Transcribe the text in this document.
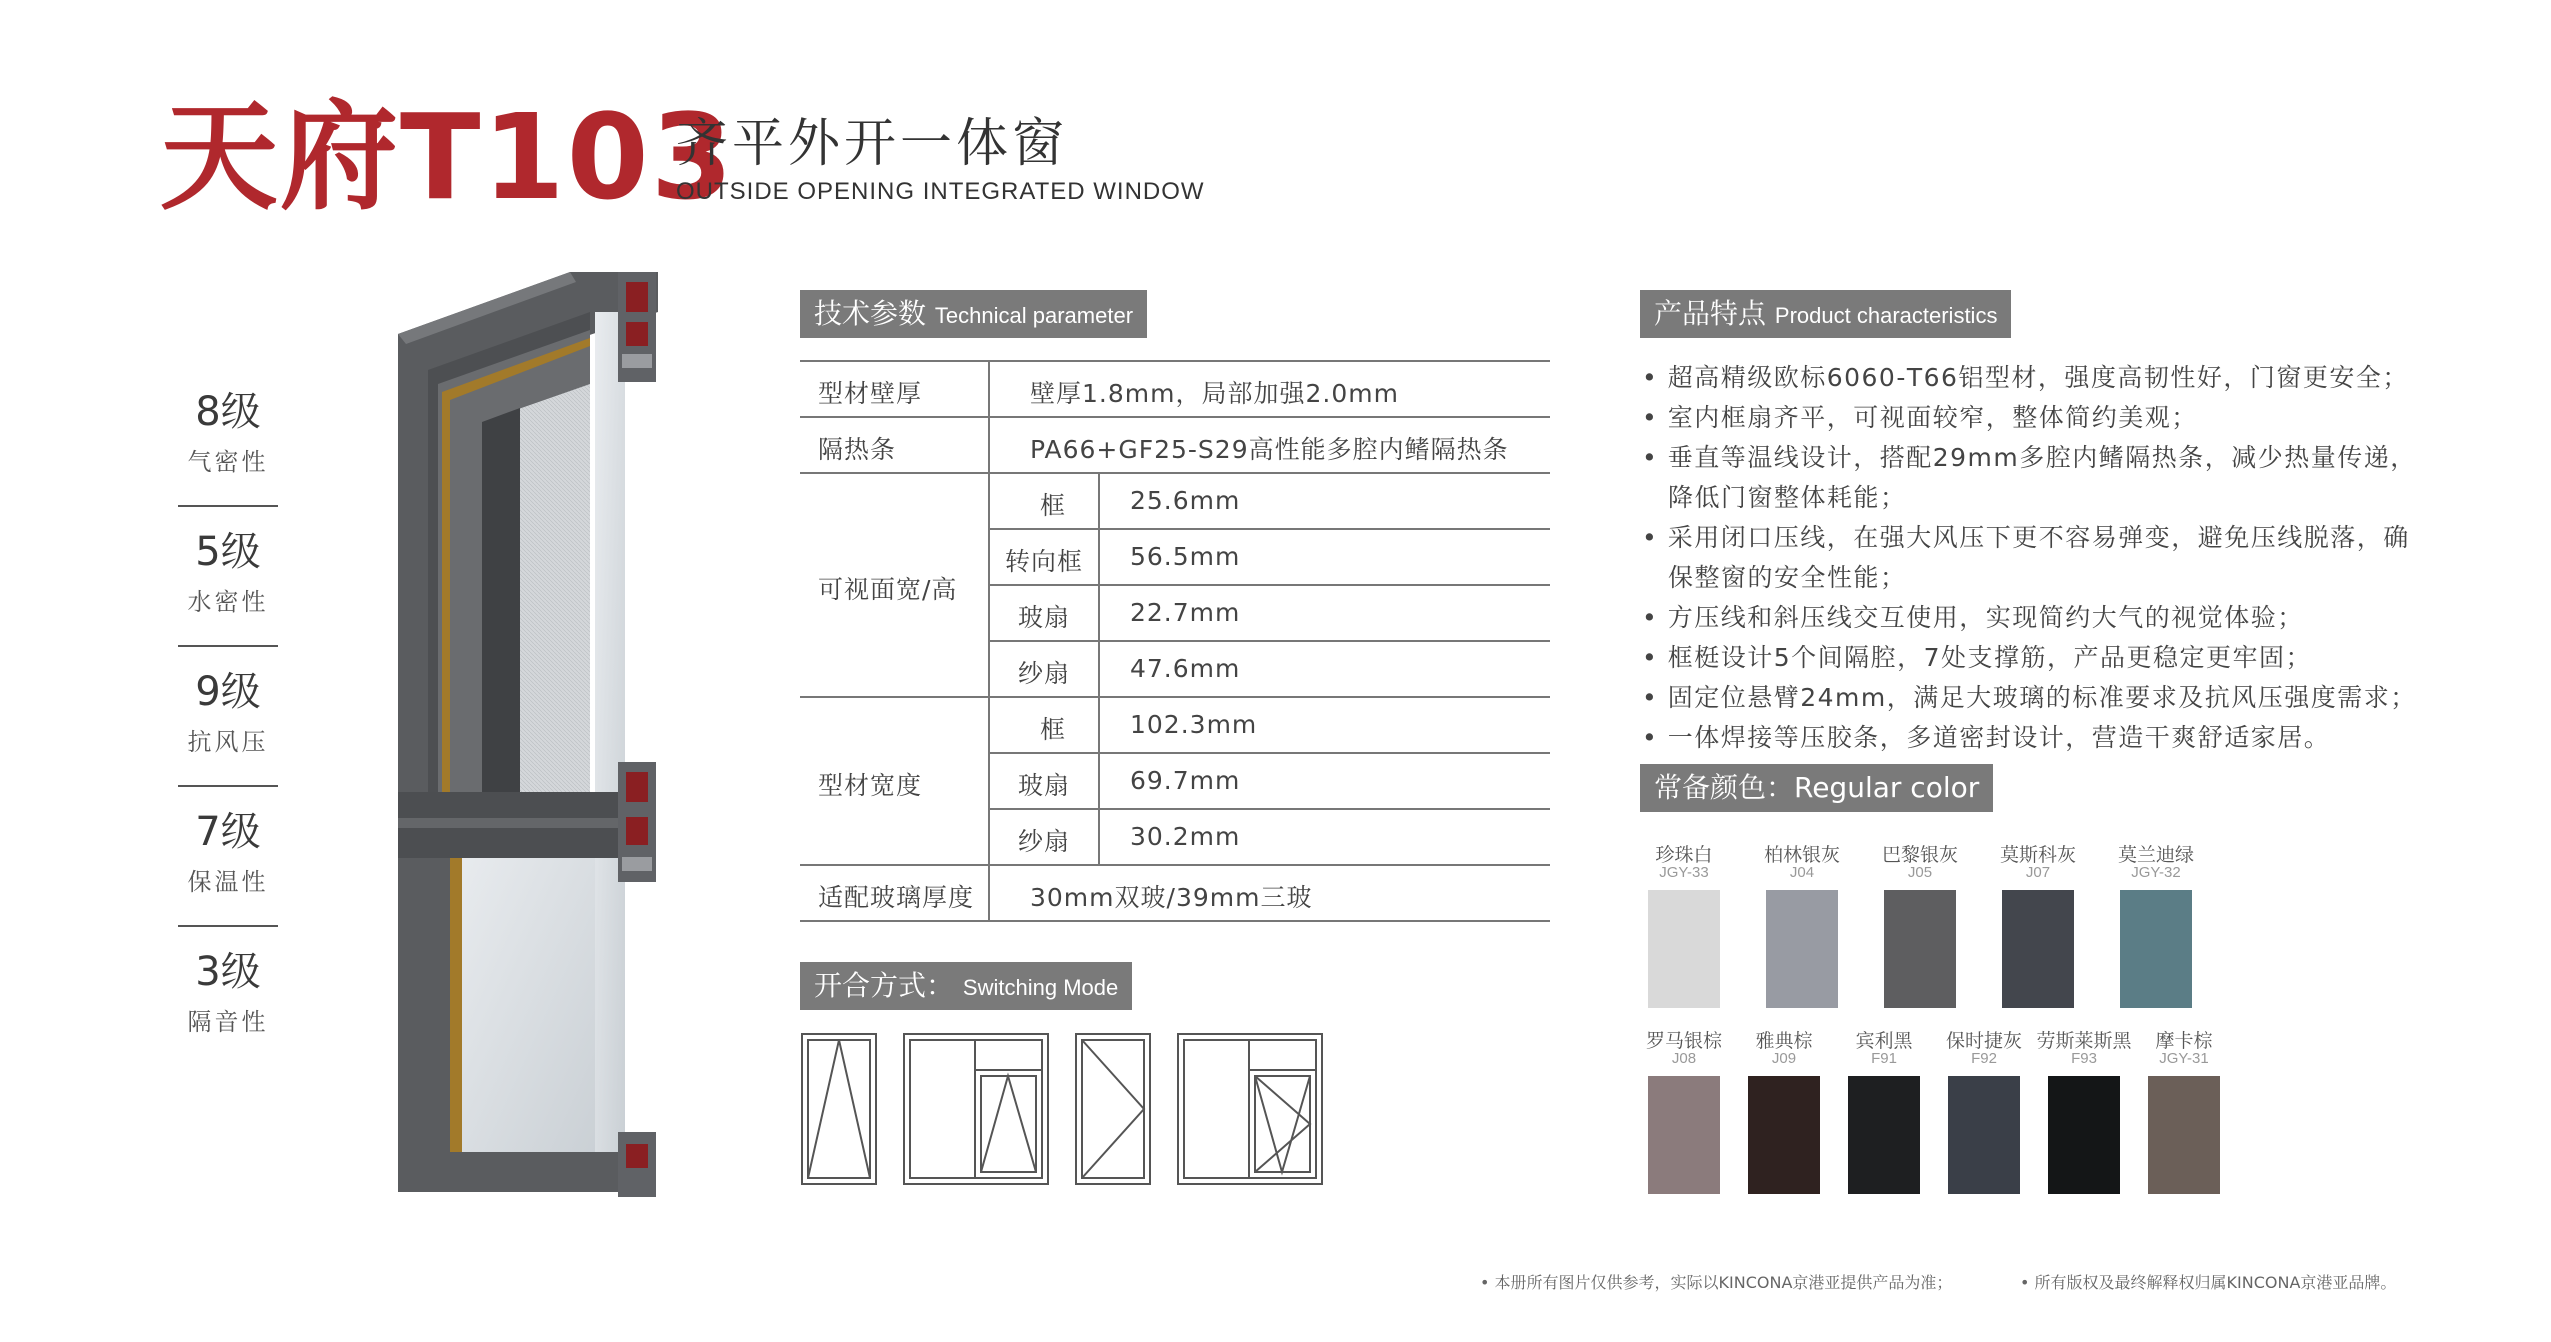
天府T103
齐平外开一体窗
OUTSIDE OPENING INTEGRATED WINDOW
8级
气密性
5级
水密性
9级
抗风压
7级
保温性
3级
隔音性
技术参数 Technical parameter
型材壁厚	壁厚1.8mm，局部加强2.0mm
隔热条	PA66+GF25-S29高性能多腔内鳍隔热条
可视面宽/高
框	25.6mm
转向框 56.5mm
玻扇	22.7mm
纱扇	47.6mm
型材宽度
框	102.3mm
玻扇	69.7mm
纱扇	30.2mm
适配玻璃厚度 30mm双玻/39mm三玻
开合方式： Switching Mode
产品特点 Product characteristics
• 超高精级欧标6060-T66铝型材，强度高韧性好，门窗更安全；
• 室内框扇齐平，可视面较窄，整体简约美观；
• 垂直等温线设计，搭配29mm多腔内鳍隔热条，减少热量传递，
降低门窗整体耗能；
• 采用闭口压线，在强大风压下更不容易弹变，避免压线脱落，确
保整窗的安全性能；
• 方压线和斜压线交互使用，实现简约大气的视觉体验；
• 框梃设计5个间隔腔，7处支撑筋，产品更稳定更牢固；
• 固定位悬臂24mm，满足大玻璃的标准要求及抗风压强度需求；
• 一体焊接等压胶条，多道密封设计，营造干爽舒适家居。
常备颜色：Regular color
珍珠白
JGY-33
柏林银灰
J04
巴黎银灰
J05
莫斯科灰
J07
莫兰迪绿
JGY-32
罗马银棕
J08
雅典棕
J09
宾利黑
F91
保时捷灰
F92
劳斯莱斯黑
F93
摩卡棕
JGY-31
• 本册所有图片仅供参考，实际以KINCONA京港亚提供产品为准；	• 所有版权及最终解释权归属KINCONA京港亚品牌。
